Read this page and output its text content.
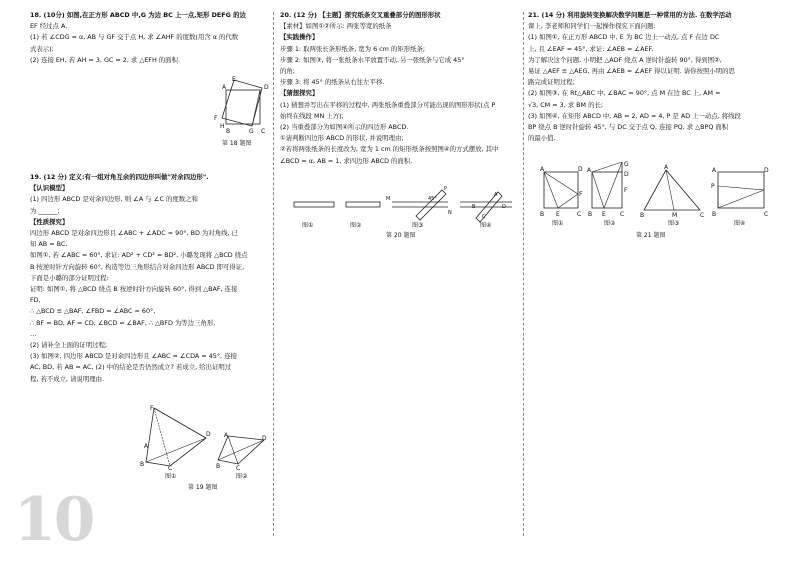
18. (10分) 如图,在正方形 ABCD 中,G 为边 BC 上一点,矩形 DEFG 的边

EF 经过点 A.

(1) 若 ∠CDG = α, AB 与 GF 交于点 H, 求 ∠AHF 的度数(用含 α 的代数

式表示);

(2) 连接 EH, 若 AH = 3, GC = 2, 求 △EFH 的面积.

E
A	D
F
H
B	G C
第 18 题图

19. (12 分) 定义:有一组对角互余的四边形叫做"对余四边形".

【认识模型】

(1) 四边形 ABCD 是对余四边形, 则 ∠A 与 ∠C 的度数之和

为 ______;

【性质探究】

四边形 ABCD 是对余四边形且 ∠ABC + ∠ADC = 90°, BD 为对角线, 已

知 AB = BC.

如图①, 若 ∠ABC = 60°, 求证: AD² + CD² = BD², 小璐发现将 △BCD 绕点

B 按逆时针方向旋转 60°, 构造等边三角形结合对余四边形 ABCD 即可得证,

下面是小璐的部分证明过程:

证明: 如图①, 将 △BCD 绕点 B 按逆时针方向旋转 60°, 得到 △BAF, 连接

FD,

∴ △BCD ≌ △BAF, ∠FBD = ∠ABC = 60°,

∴ BF = BD, AF = CD, ∠BCD = ∠BAF, ∴ △BFD 为等边三角形,

…

(2) 请补全上面的证明过程;

(3) 如图②, 四边形 ABCD 是对余四边形且 ∠ABC = ∠CDA = 45°, 连接

AC, BD, 若 AB = AC, (2) 中的结论是否仍然成立? 若成立, 给出证明过

程, 若不成立, 请说明理由.

F
A
D
B
C
图①
A	D
B	C
图②
第 19 题图
10

20. (12 分) 【主题】探究纸条交叉重叠部分的图形形状

【素材】如图①②所示: 两张等宽的纸条

【实践操作】

步骤 1: 取两张长条形纸条, 宽为 6 cm 的矩形纸条;

步骤 2: 如图③, 将一张纸条水平放置不动, 另一张纸条与它成 45°

的角;

步骤 3: 将 45° 的纸条从右往左平移.

【猜想探究】

(1) 猜想并写出在平移的过程中, 两张纸条重叠部分可能出现的图形形状(点 P

始终在线段 MN 上方);

(2) 当重叠部分为如图④所示的四边形 ABCD.

①请判断四边形 ABCD 的形状, 并说明理由;

②若将两张纸条的长度改为, 宽为 1 cm 的矩形纸条按照图④的方式摆放, 其中

∠BCD = α, AB = 1, 求四边形 ABCD 的面积.

M
N
P
45°
A
D
B
C
图①	图②	图③	图④
第 20 题图

21. (14 分) 利用旋转变换解决数学问题是一种常用的方法. 在数学活动

课上, 李老师和同学们一起操作探究下面问题:

(1) 如图①, 在正方形 ABCD 中, E 为 BC 边上一动点, 点 F 在边 DC

上, 且 ∠EAF = 45°, 求证: ∠AEB = ∠AEF.

为了解决这个问题, 小明把 △ADF 绕点 A 逆时针旋转 90°, 得到图②,

易证 △AEF ≌ △AEG, 再由 ∠AEB = ∠AEF 得以证明. 请你按照小明的思

路完成证明过程;

(2) 如图③, 在 Rt△ABC 中, ∠BAC = 90°, 点 M 在边 BC 上, AM =

√3, CM = 3, 求 BM 的长;

(3) 如图④, 在矩形 ABCD 中, AB = 2, AD = 4, P 是 AD 上一动点, 将线段

BP 绕点 B 逆时针旋转 45°, 与 DC 交于点 Q, 连接 PQ, 求 △BPQ 面积

的最小值.

A	D
F
B E	C
G
A
D
F
B E C
A
B	M	C
A	D
P
B	C
图①	图②	图③	图④
第 21 题图
